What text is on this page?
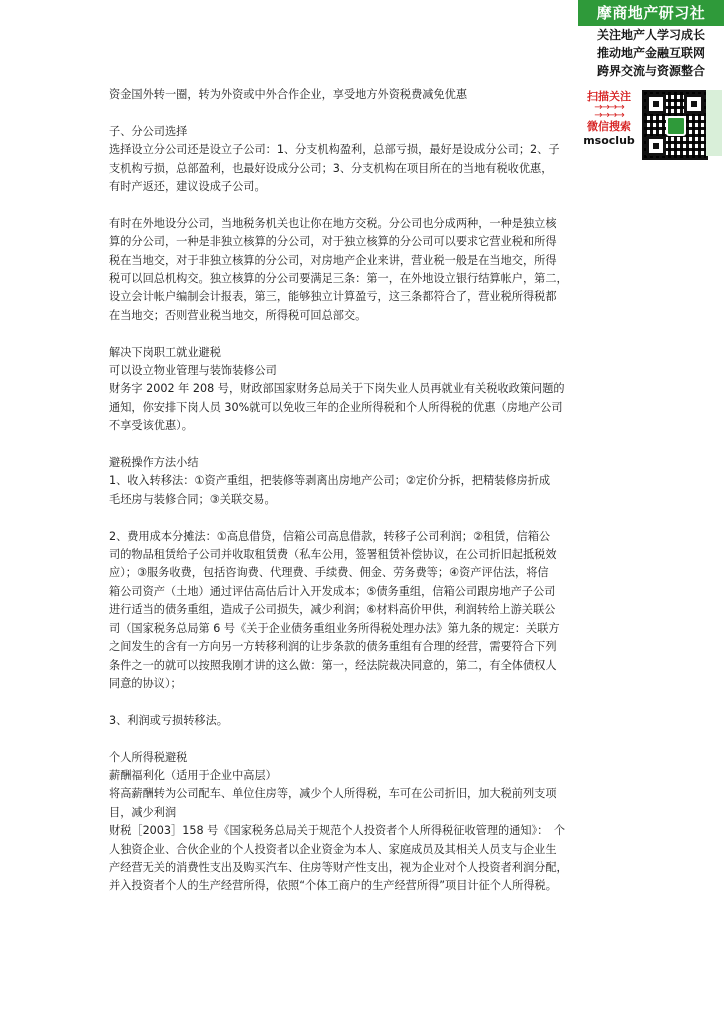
摩商地产研习社
关注地产人学习成长
推动地产金融互联网
跨界交流与资源整合
扫描关注
→→→→
→→→→
微信搜索
msoclub

资金国外转一圈，转为外资或中外合作企业，享受地方外资税费减免优惠

子、分公司选择

选择设立分公司还是设立子公司：1、分支机构盈利，总部亏损，最好是设成分公司；2、子

支机构亏损，总部盈利，也最好设成分公司；3、分支机构在项目所在的当地有税收优惠，

有时产返还，建议设成子公司。

有时在外地设分公司，当地税务机关也让你在地方交税。分公司也分成两种，一种是独立核

算的分公司，一种是非独立核算的分公司，对于独立核算的分公司可以要求它营业税和所得

税在当地交，对于非独立核算的分公司，对房地产企业来讲，营业税一般是在当地交，所得

税可以回总机构交。独立核算的分公司要满足三条：第一，在外地设立银行结算帐户，第二，

设立会计帐户编制会计报表，第三，能够独立计算盈亏，这三条都符合了，营业税所得税都

在当地交；否则营业税当地交，所得税可回总部交。

解决下岗职工就业避税

可以设立物业管理与装饰装修公司

财务字 2002 年 208 号，财政部国家财务总局关于下岗失业人员再就业有关税收政策问题的

通知，你安排下岗人员 30%就可以免收三年的企业所得税和个人所得税的优惠（房地产公司

不享受该优惠）。

避税操作方法小结

1、收入转移法：①资产重组，把装修等剥离出房地产公司；②定价分拆，把精装修房折成

毛坯房与装修合同；③关联交易。

2、费用成本分摊法：①高息借贷，信箱公司高息借款，转移子公司利润；②租赁，信箱公

司的物品租赁给子公司并收取租赁费（私车公用，签署租赁补偿协议，在公司折旧起抵税效

应）；③服务收费，包括咨询费、代理费、手续费、佣金、劳务费等；④资产评估法，将信

箱公司资产（土地）通过评估高估后计入开发成本；⑤债务重组，信箱公司跟房地产子公司

进行适当的债务重组，造成子公司损失，减少利润；⑥材料高价甲供，利润转给上游关联公

司（国家税务总局第 6 号《关于企业债务重组业务所得税处理办法》第九条的规定：关联方

之间发生的含有一方向另一方转移利润的让步条款的债务重组有合理的经营，需要符合下列

条件之一的就可以按照我刚才讲的这么做：第一，经法院裁决同意的，第二，有全体债权人

同意的协议）；

3、利润或亏损转移法。

个人所得税避税

薪酬福利化（适用于企业中高层）

将高薪酬转为公司配车、单位住房等，减少个人所得税，车可在公司折旧，加大税前列支项

目，减少利润

财税［2003］158 号《国家税务总局关于规范个人投资者个人所得税征收管理的通知》：　个

人独资企业、合伙企业的个人投资者以企业资金为本人、家庭成员及其相关人员支与企业生

产经营无关的消费性支出及购买汽车、住房等财产性支出，视为企业对个人投资者利润分配，

并入投资者个人的生产经营所得，依照“个体工商户的生产经营所得”项目计征个人所得税。
